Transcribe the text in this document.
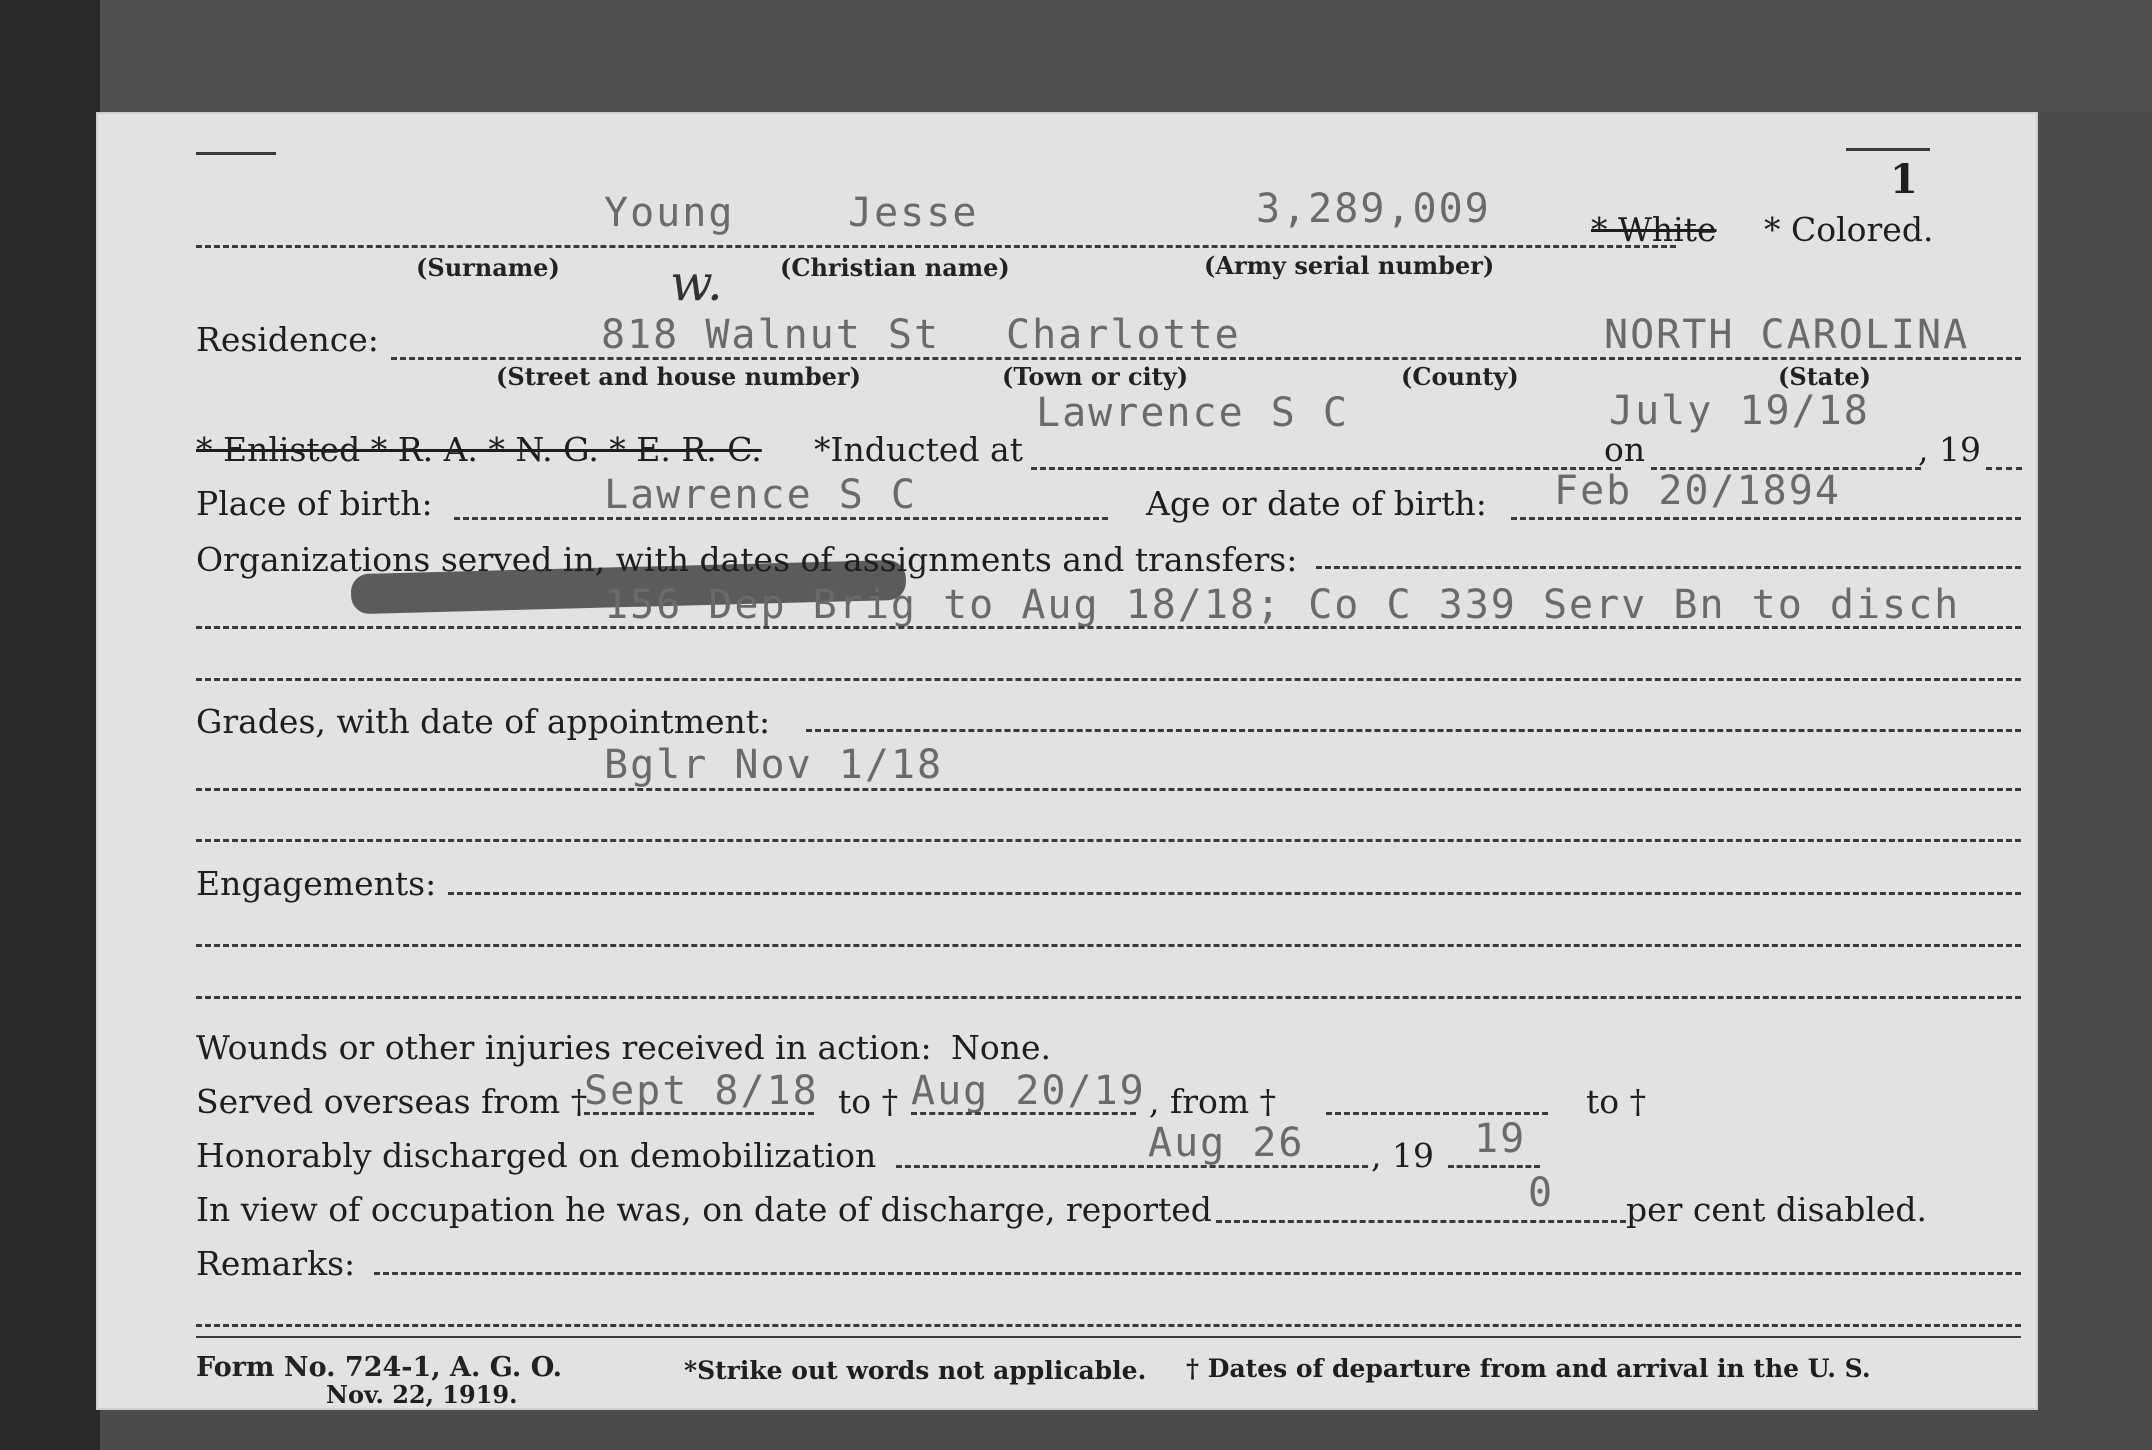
1
Young	Jesse	3,289,009	* White * Colored.
(Surname)	(Christian name)	(Army serial number)
w.
Residence:	818 Walnut St Charlotte	NORTH CAROLINA
(Street and house number)	(Town or city)	(County)	(State)
Lawrence S C	July 19/18
* Enlisted * R. A. * N. G. * E. R. C. *Inducted at	on	, 19
Place of birth:	Lawrence S C	Age or date of birth: Feb 20/1894
Organizations served in, with dates of assignments and transfers:
156 Dep Brig to Aug 18/18; Co C 339 Serv Bn to disch
Grades, with date of appointment:
Bglr Nov 1/18
Engagements:
Wounds or other injuries received in action: None.
Served overseas from †
Sept 8/18 to † Aug 20/19 , from †	to †
Honorably discharged on demobilization	Aug 26 , 19 19
In view of occupation he was, on date of discharge, reported	0 per cent disabled.
Remarks:
Form No. 724-1, A. G. O.
Nov. 22, 1919.
*Strike out words not applicable. † Dates of departure from and arrival in the U. S.
